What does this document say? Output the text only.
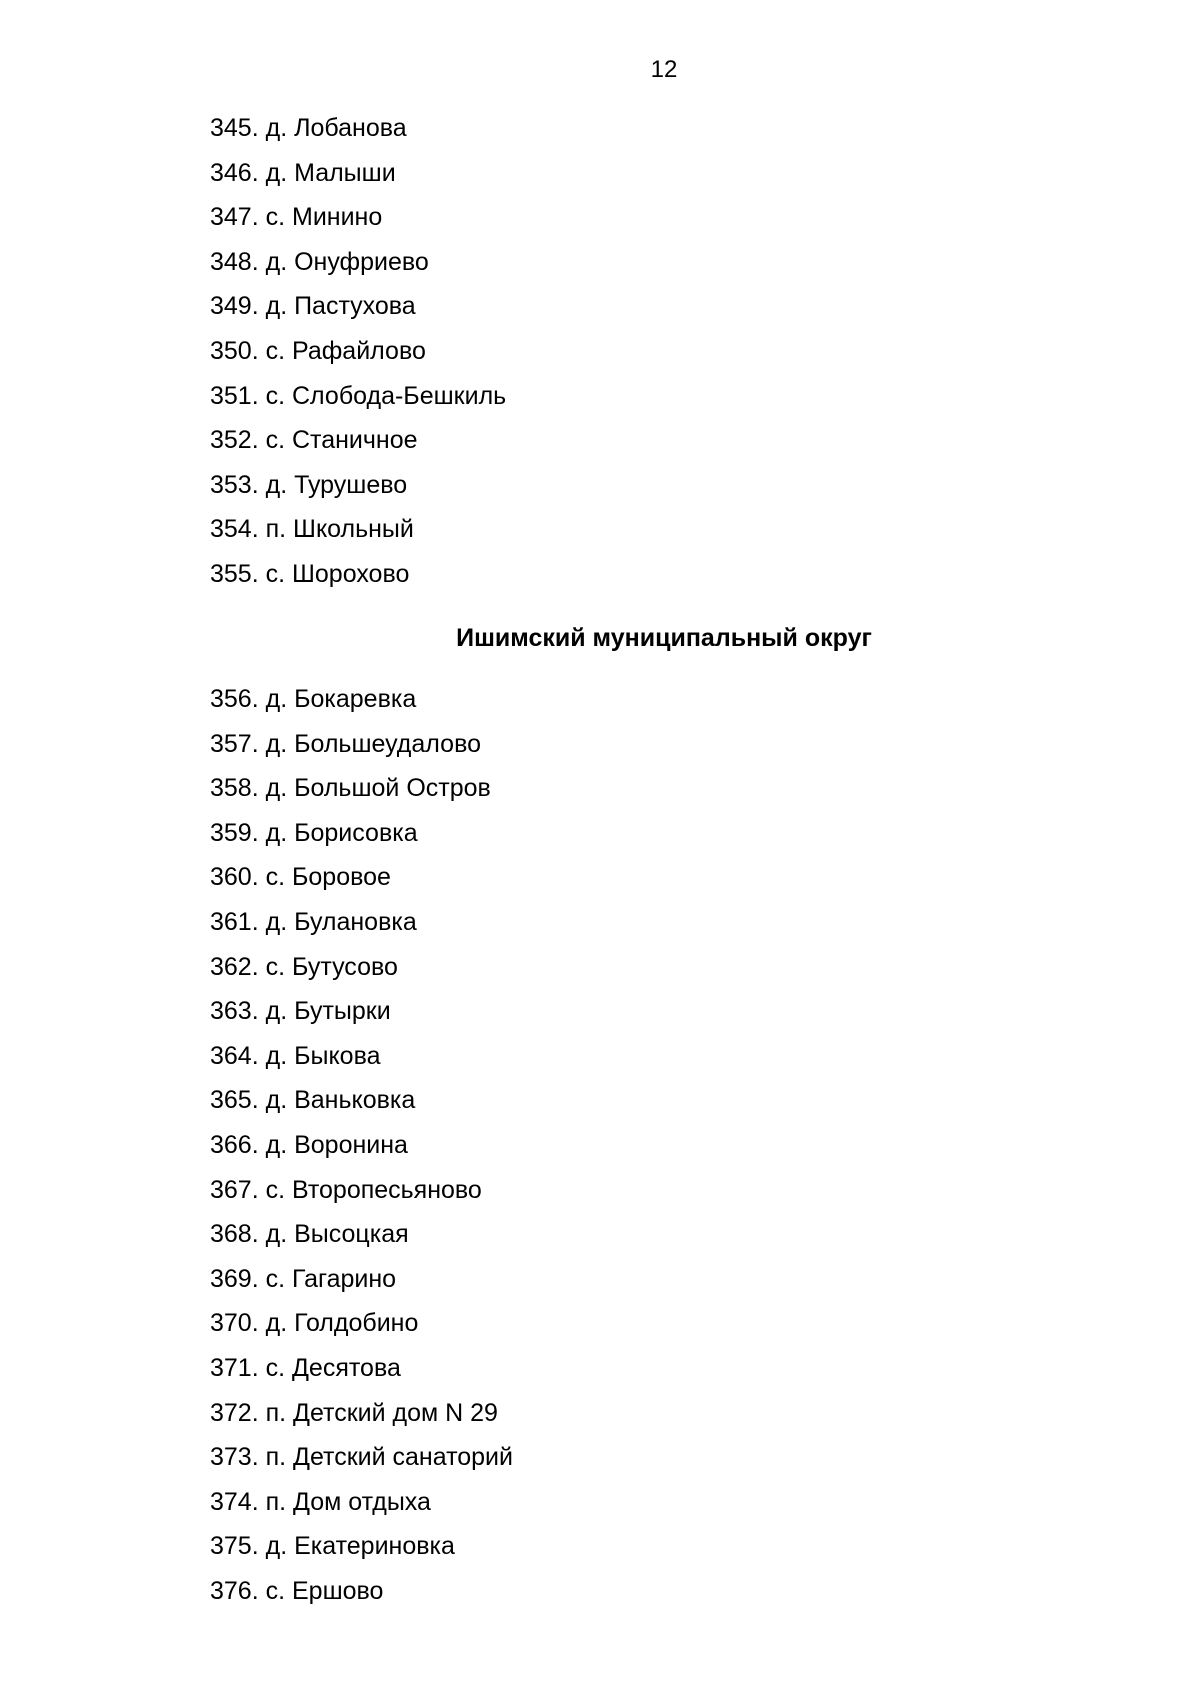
12
345. д. Лобанова
346. д. Малыши
347. с. Минино
348. д. Онуфриево
349. д. Пастухова
350. с. Рафайлово
351. с. Слобода-Бешкиль
352. с. Станичное
353. д. Турушево
354. п. Школьный
355. с. Шорохово
Ишимский муниципальный округ
356. д. Бокаревка
357. д. Большеудалово
358. д. Большой Остров
359. д. Борисовка
360. с. Боровое
361. д. Булановка
362. с. Бутусово
363. д. Бутырки
364. д. Быкова
365. д. Ваньковка
366. д. Воронина
367. с. Второпесьяново
368. д. Высоцкая
369. с. Гагарино
370. д. Голдобино
371. с. Десятова
372. п. Детский дом N 29
373. п. Детский санаторий
374. п. Дом отдыха
375. д. Екатериновка
376. с. Ершово
